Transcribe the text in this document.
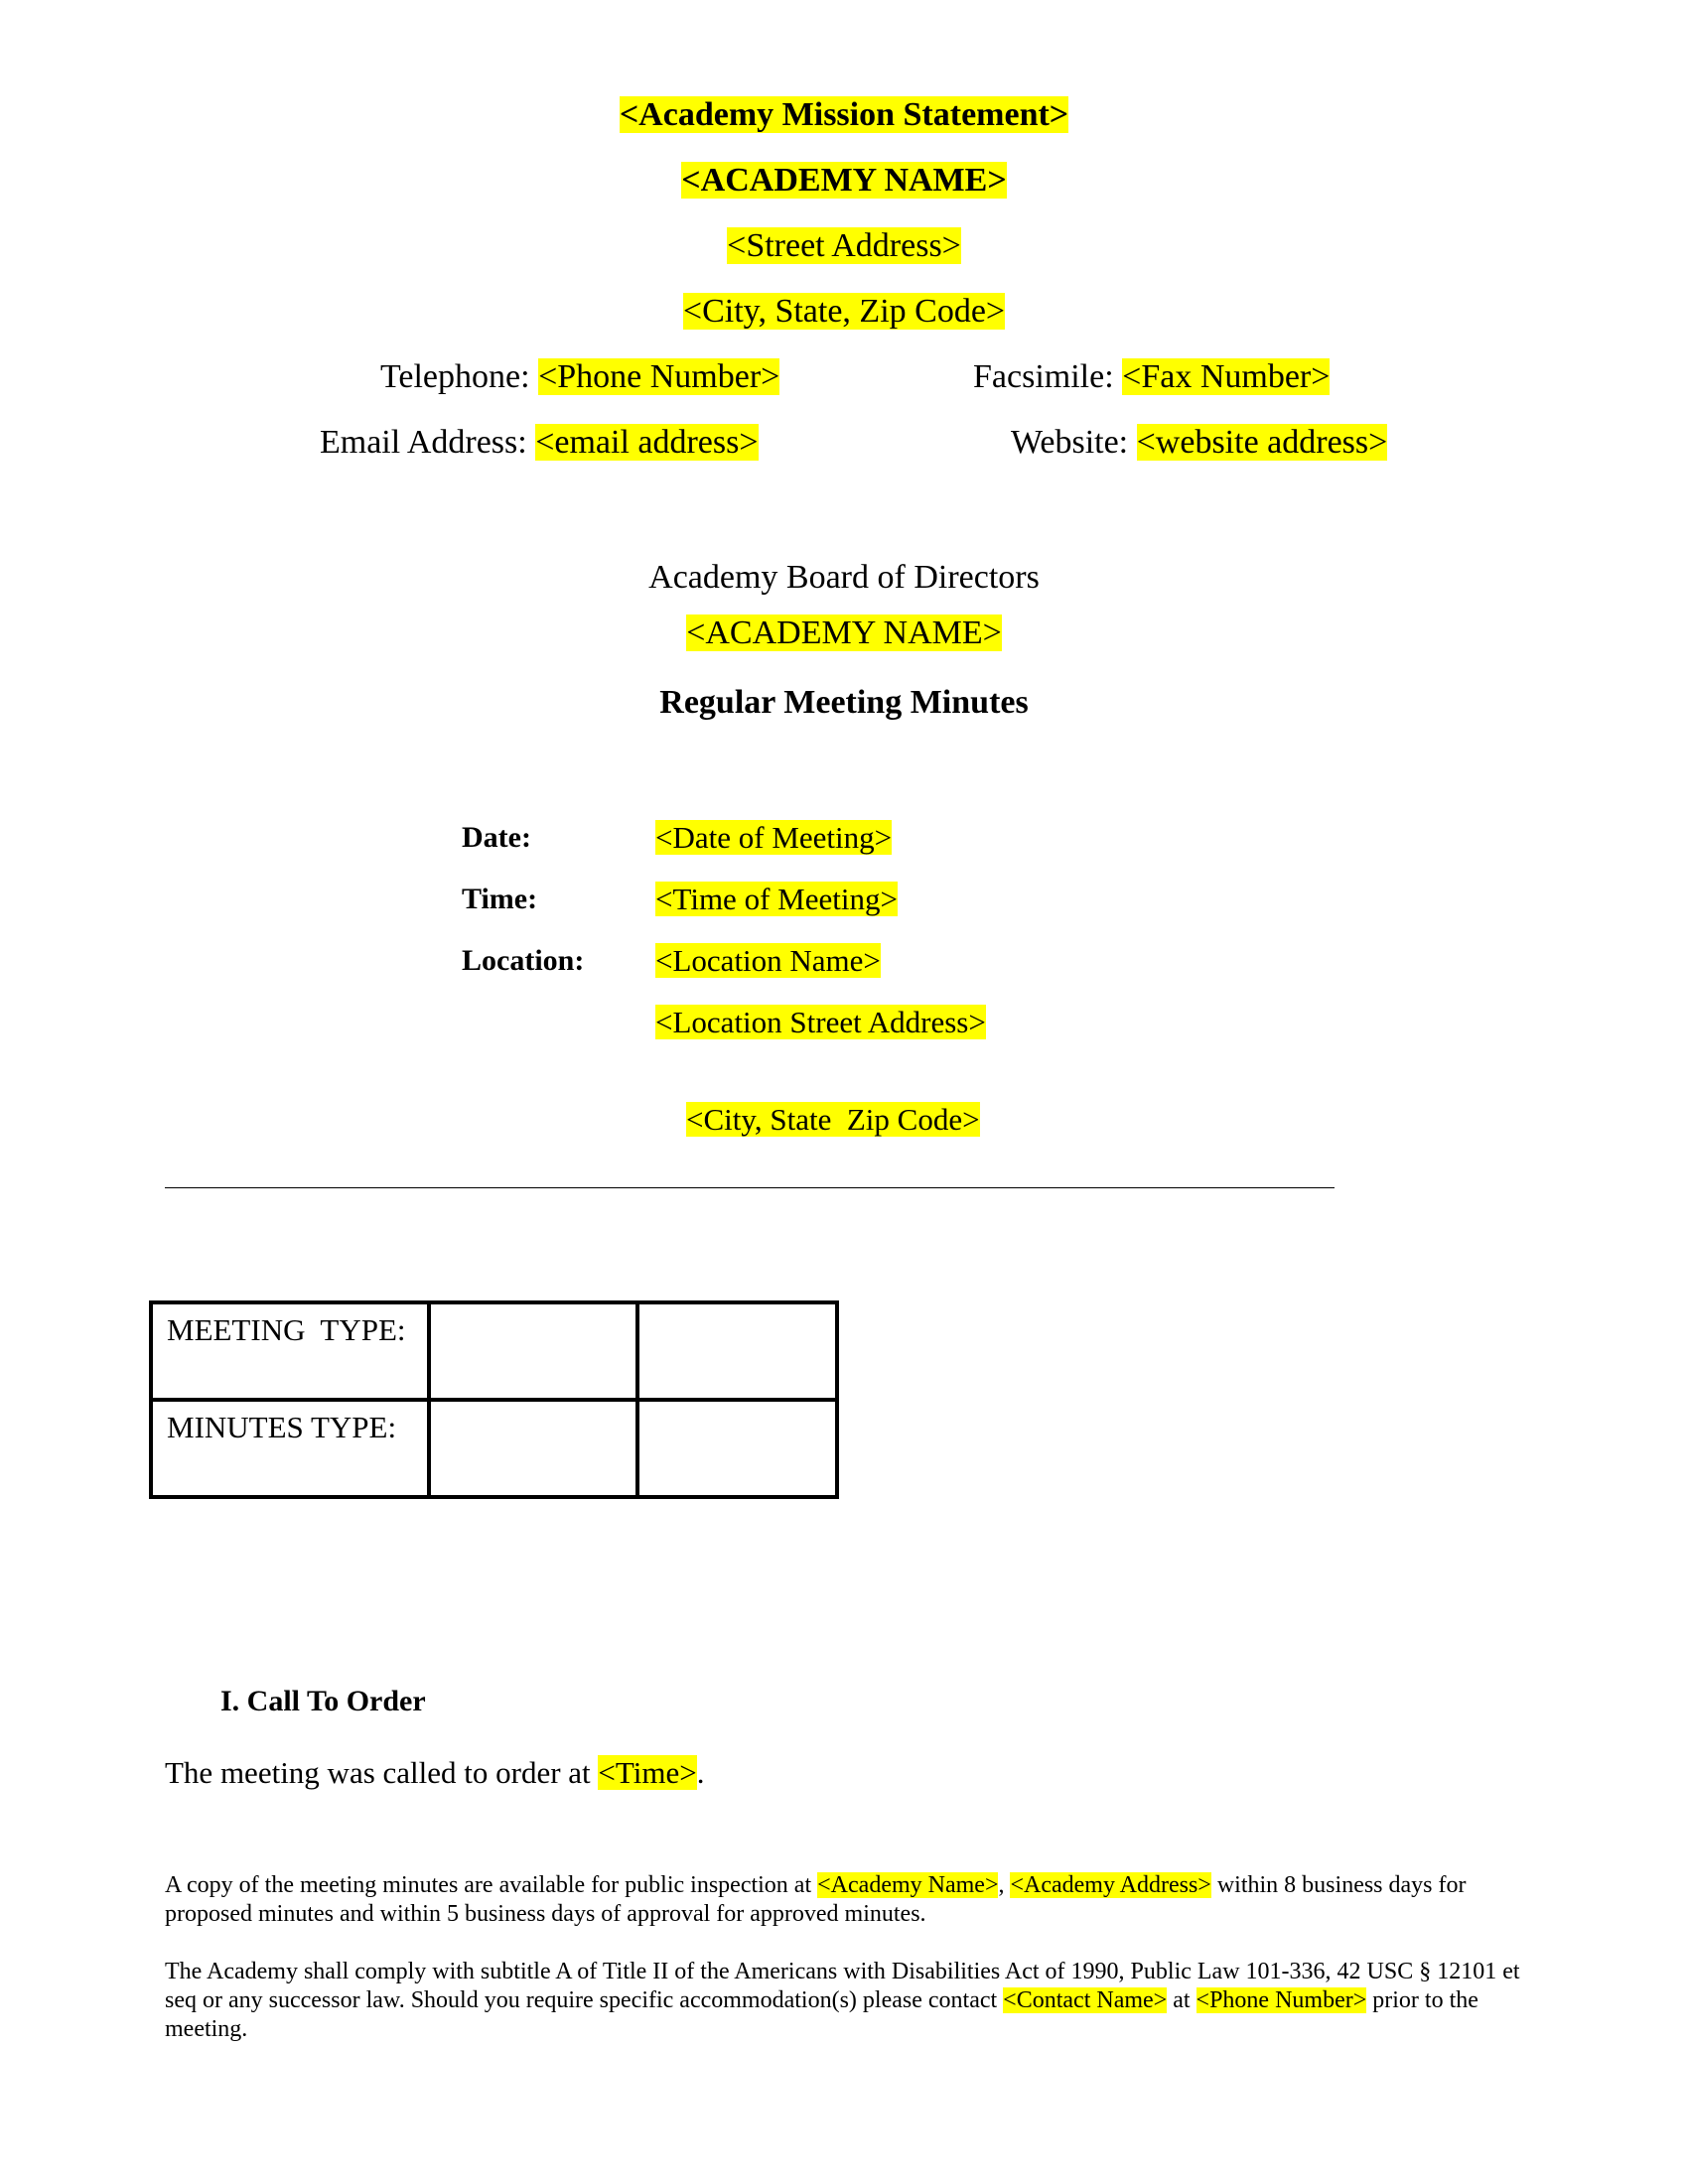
<Academy Mission Statement>
<ACADEMY NAME>
<Street Address>
<City, State, Zip Code>
Telephone: <Phone Number>	Facsimile: <Fax Number>
Email Address: <email address>	Website: <website address>
Academy Board of Directors
<ACADEMY NAME>
Regular Meeting Minutes
Date:	<Date of Meeting>
Time:	<Time of Meeting>
Location: <Location Name>
<Location Street Address>

<City, State  Zip Code>

MEETING  TYPE:		
MINUTES TYPE:		
I. Call To Order
The meeting was called to order at <Time>.
A copy of the meeting minutes are available for public inspection at <Academy Name>, <Academy Address> within 8 business days for proposed minutes and within 5 business days of approval for approved minutes.
The Academy shall comply with subtitle A of Title II of the Americans with Disabilities Act of 1990, Public Law 101-336, 42 USC § 12101 et seq or any successor law. Should you require specific accommodation(s) please contact <Contact Name> at <Phone Number> prior to the meeting.
